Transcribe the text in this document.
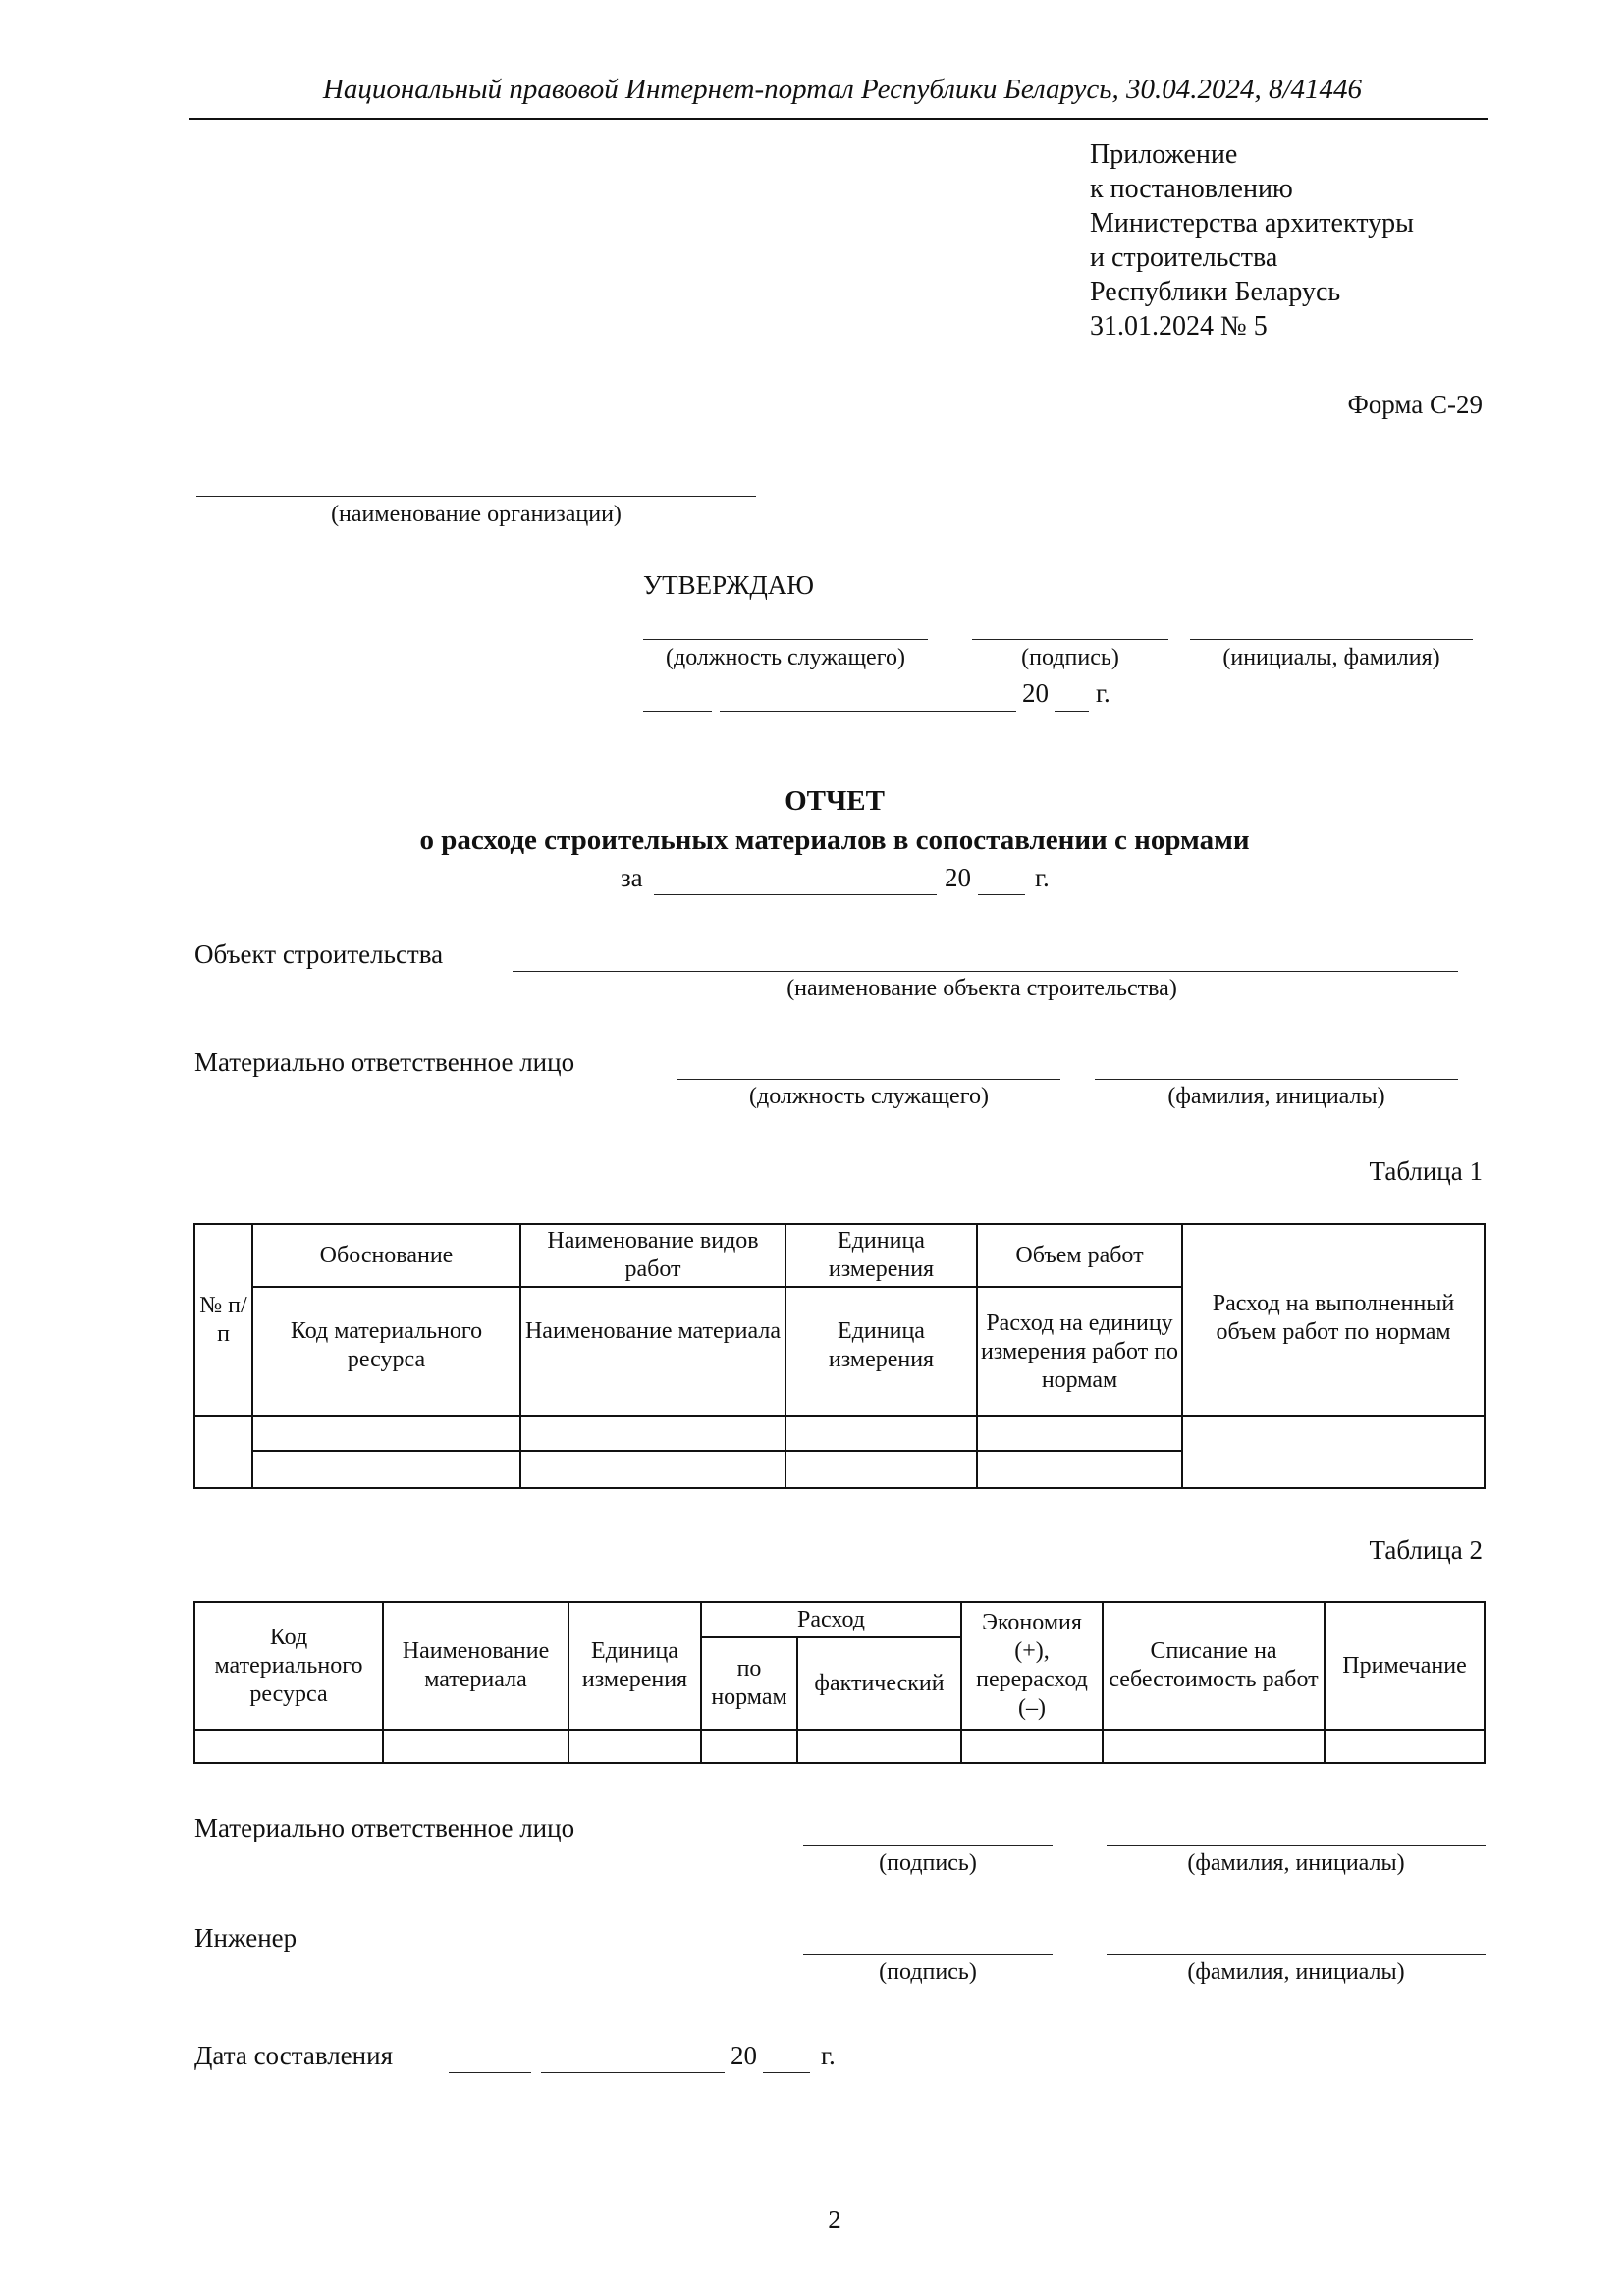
Национальный правовой Интернет-портал Республики Беларусь, 30.04.2024, 8/41446
Приложение
к постановлению
Министерства архитектуры
и строительства
Республики Беларусь
31.01.2024 № 5
Форма С-29
(наименование организации)
УТВЕРЖДАЮ
(должность служащего)	(подпись)	(инициалы, фамилия)
20 г.
ОТЧЕТ
о расходе строительных материалов в сопоставлении с нормами
за	20 г.
Объект строительства
(наименование объекта строительства)
Материально ответственное лицо
(должность служащего)	(фамилия, инициалы)
Таблица 1
№ п/п	Обоснование	Наименование видов работ	Единица измерения	Объем работ	Расход на выполненный объем работ по нормам
	Код материального ресурса	Наименование материала	Единица измерения	Расход на единицу измерения работ по нормам	

Таблица 2
Код материального ресурса	Наименование материала	Единица измерения	Расход		Экономия (+), перерасход (–)	Списание на себестоимость работ	Примечание
			по нормам	фактический			

Материально ответственное лицо
(подпись)	(фамилия, инициалы)
Инженер
(подпись)	(фамилия, инициалы)
Дата составления	20 г.
2
